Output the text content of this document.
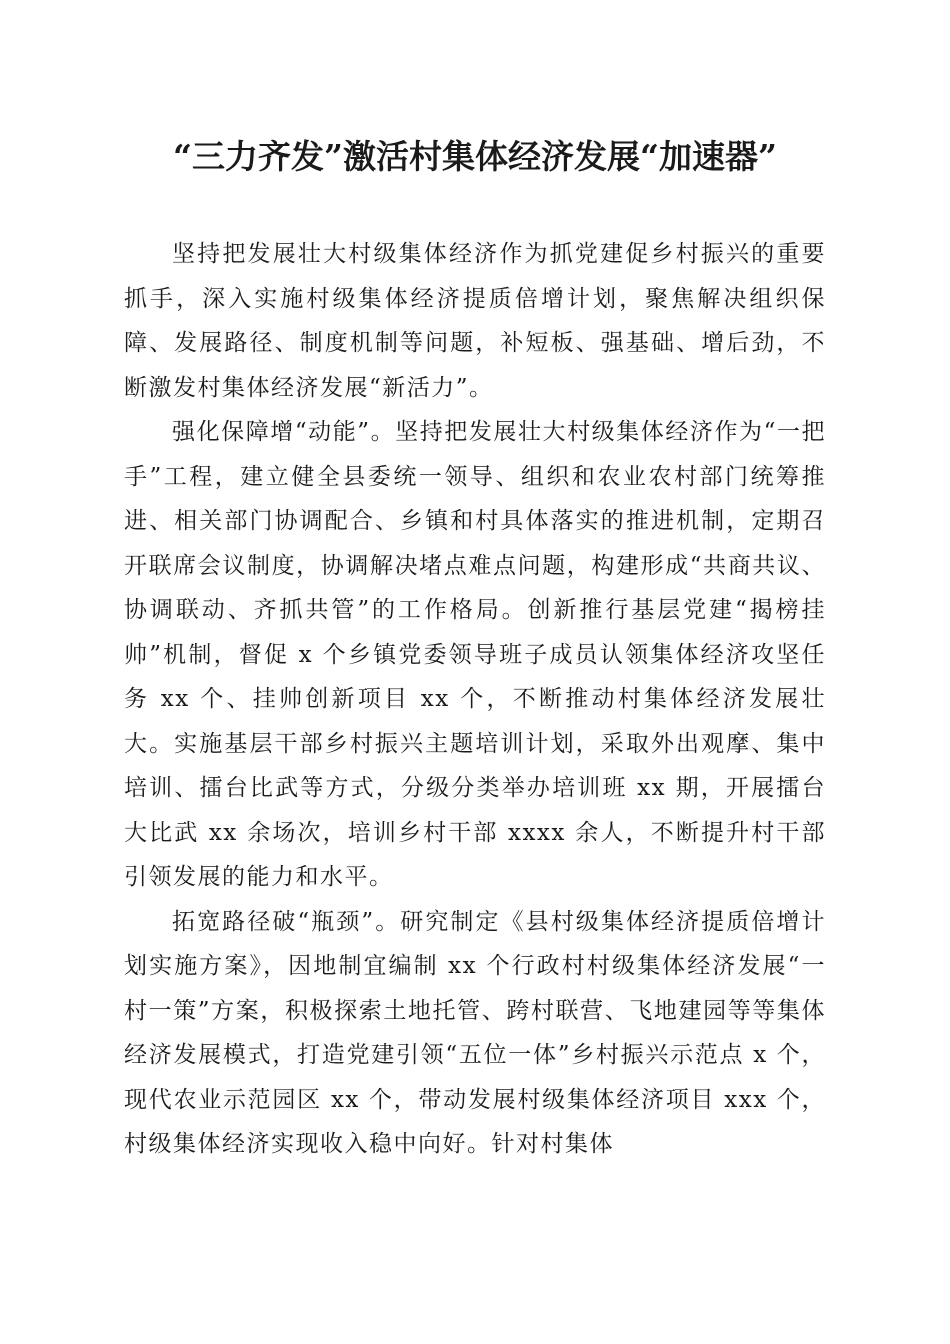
“三力齐发”激活村集体经济发展“加速器”

坚持把发展壮大村级集体经济作为抓党建促乡村振兴的重要抓手，深入实施村级集体经济提质倍增计划，聚焦解决组织保障、发展路径、制度机制等问题，补短板、强基础、增后劲，不断激发村集体经济发展“新活力”。

强化保障增“动能”。坚持把发展壮大村级集体经济作为“一把手”工程，建立健全县委统一领导、组织和农业农村部门统筹推进、相关部门协调配合、乡镇和村具体落实的推进机制，定期召开联席会议制度，协调解决堵点难点问题，构建形成“共商共议、协调联动、齐抓共管”的工作格局。创新推行基层党建“揭榜挂帅”机制，督促 x 个乡镇党委领导班子成员认领集体经济攻坚任务 xx 个、挂帅创新项目 xx 个，不断推动村集体经济发展壮大。实施基层干部乡村振兴主题培训计划，采取外出观摩、集中培训、擂台比武等方式，分级分类举办培训班 xx 期，开展擂台大比武 xx 余场次，培训乡村干部 xxxx 余人，不断提升村干部引领发展的能力和水平。

拓宽路径破“瓶颈”。研究制定《县村级集体经济提质倍增计划实施方案》，因地制宜编制 xx 个行政村村级集体经济发展“一村一策”方案，积极探索土地托管、跨村联营、飞地建园等等集体经济发展模式，打造党建引领“五位一体”乡村振兴示范点 x 个，现代农业示范园区 xx 个，带动发展村级集体经济项目 xxx 个，村级集体经济实现收入稳中向好。针对村集体
